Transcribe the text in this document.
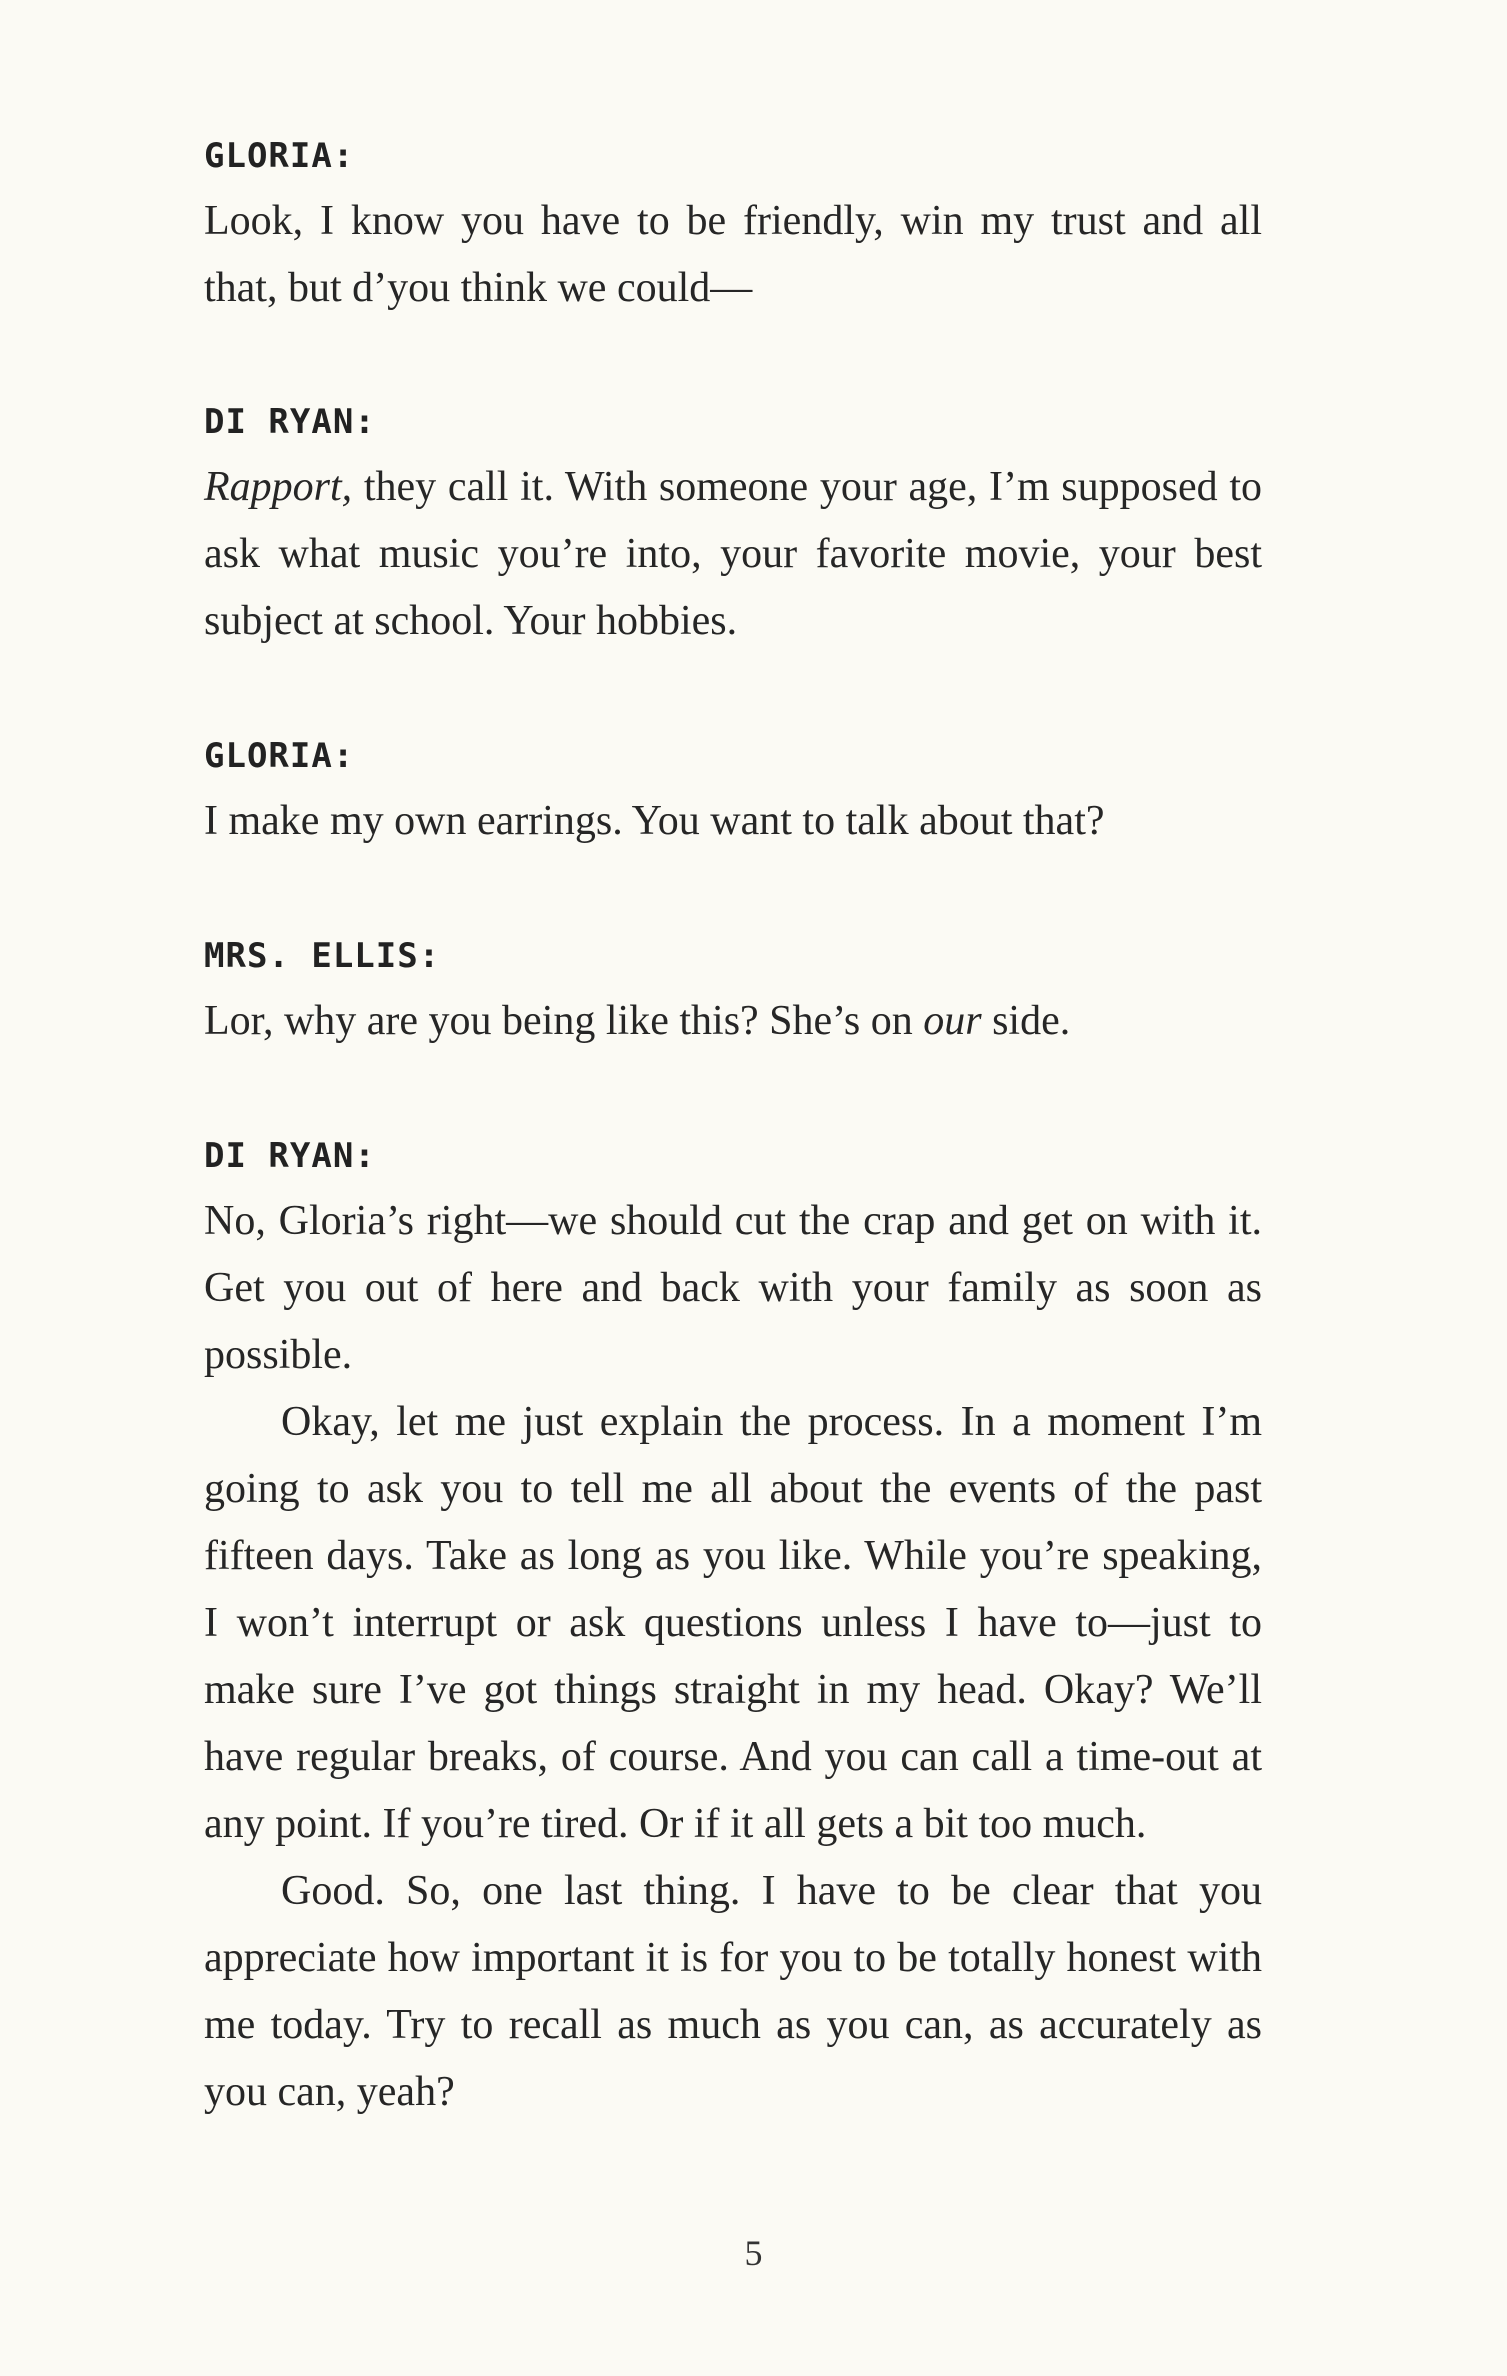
GLORIA:

Look, I know you have to be friendly, win my trust and all that, but d’you think we could—

DI RYAN:

Rapport, they call it. With someone your age, I’m supposed to ask what music you’re into, your favorite movie, your best subject at school. Your hobbies.

GLORIA:

I make my own earrings. You want to talk about that?

MRS. ELLIS:

Lor, why are you being like this? She’s on our side.

DI RYAN:

No, Gloria’s right—we should cut the crap and get on with it. Get you out of here and back with your family as soon as possible.

Okay, let me just explain the process. In a moment I’m going to ask you to tell me all about the events of the past fifteen days. Take as long as you like. While you’re speaking, I won’t interrupt or ask questions unless I have to—just to make sure I’ve got things straight in my head. Okay? We’ll have regular breaks, of course. And you can call a time-out at any point. If you’re tired. Or if it all gets a bit too much.

Good. So, one last thing. I have to be clear that you appreciate how important it is for you to be totally honest with me today. Try to recall as much as you can, as accurately as you can, yeah?

5
